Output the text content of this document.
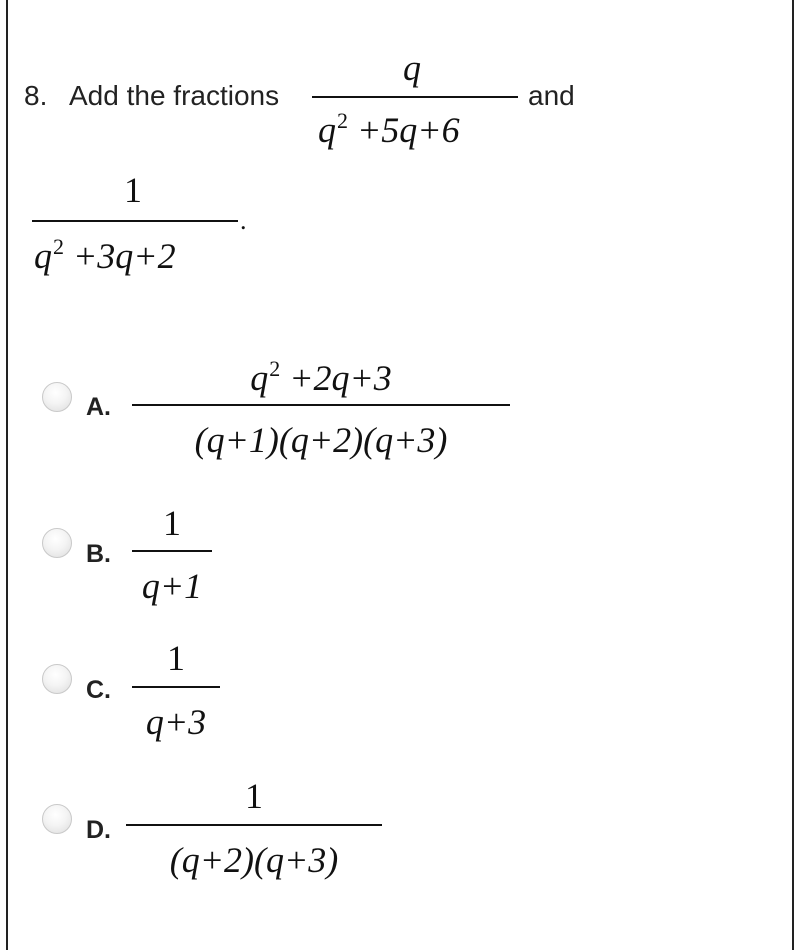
8. Add the fractions
q
$q^2 +5q+6$
and
1
$q^2 +3q+2$
.
A.
$q^2 +2q+3$
(q+1)(q+2)(q+3)
B.
1
q+1
C.
1
q+3
D.
1
(q+2)(q+3)
